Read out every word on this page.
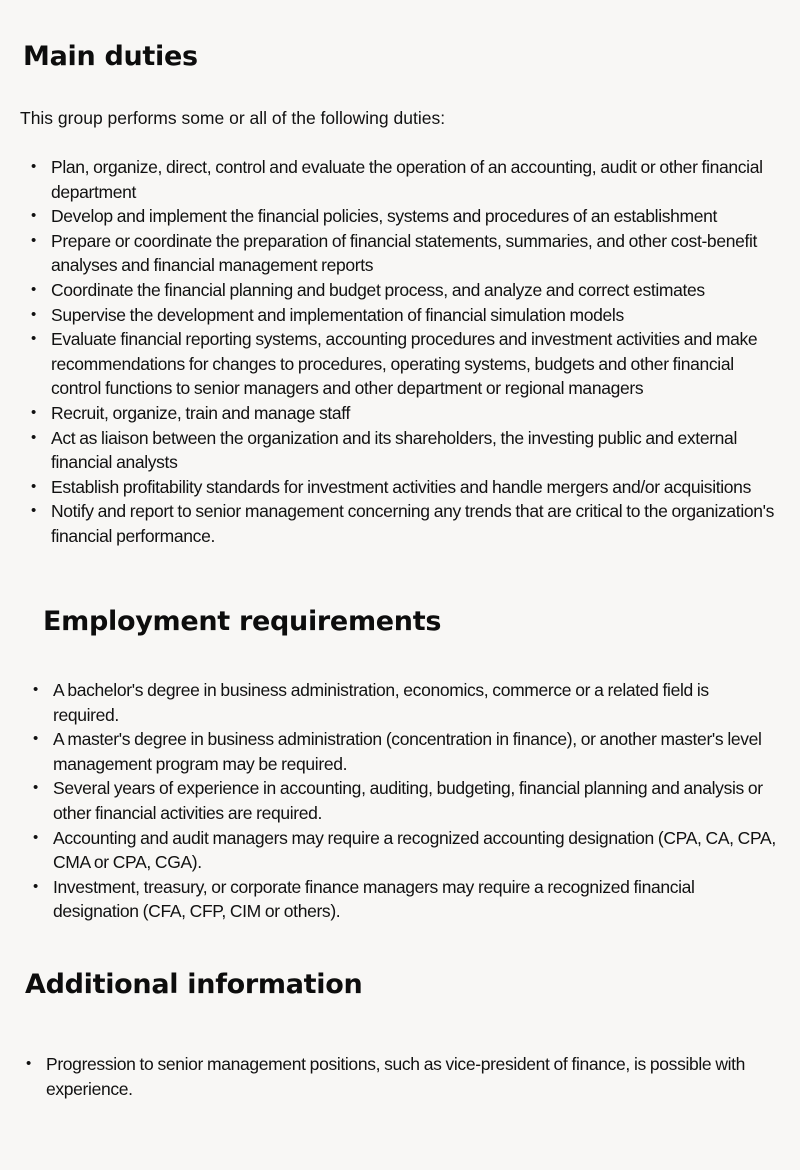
Main duties

This group performs some or all of the following duties:

• Plan, organize, direct, control and evaluate the operation of an accounting, audit or other financial department
• Develop and implement the financial policies, systems and procedures of an establishment
• Prepare or coordinate the preparation of financial statements, summaries, and other cost-benefit analyses and financial management reports
• Coordinate the financial planning and budget process, and analyze and correct estimates
• Supervise the development and implementation of financial simulation models
• Evaluate financial reporting systems, accounting procedures and investment activities and make recommendations for changes to procedures, operating systems, budgets and other financial control functions to senior managers and other department or regional managers
• Recruit, organize, train and manage staff
• Act as liaison between the organization and its shareholders, the investing public and external financial analysts
• Establish profitability standards for investment activities and handle mergers and/or acquisitions
• Notify and report to senior management concerning any trends that are critical to the organization's financial performance.
Employment requirements
• A bachelor's degree in business administration, economics, commerce or a related field is required.
• A master's degree in business administration (concentration in finance), or another master's level management program may be required.
• Several years of experience in accounting, auditing, budgeting, financial planning and analysis or other financial activities are required.
• Accounting and audit managers may require a recognized accounting designation (CPA, CA, CPA, CMA or CPA, CGA).
• Investment, treasury, or corporate finance managers may require a recognized financial designation (CFA, CFP, CIM or others).
Additional information
• Progression to senior management positions, such as vice-president of finance, is possible with experience.
